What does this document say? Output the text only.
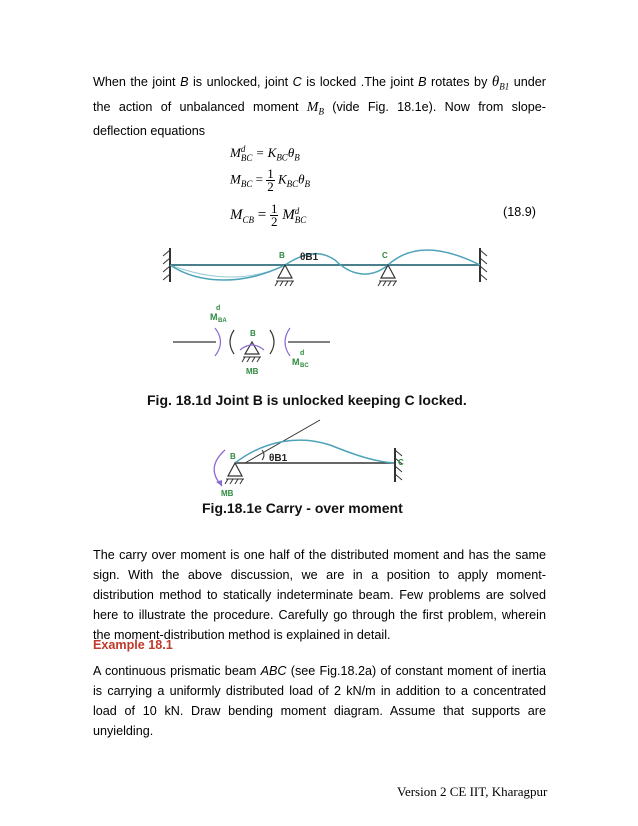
When the joint B is unlocked, joint C is locked .The joint B rotates by $\theta_{B1}$ under the action of unbalanced moment $M_B$ (vide Fig. 18.1e). Now from slope-deflection equations
M d
BC = $K_{BC}\theta_B$
$M_{BC} = \frac{1}{2} K_{BC}\theta_B$
$M_{CB} = \frac{1}{2}$ M d
BC
(18.9)
B θB1	C
d
M BA
B
d
M BC
MB
Fig. 18.1d Joint B is unlocked keeping C locked.
B	θB1	C
MB
Fig.18.1e Carry - over moment
The carry over moment is one half of the distributed moment and has the same sign. With the above discussion, we are in a position to apply moment-distribution method to statically indeterminate beam. Few problems are solved here to illustrate the procedure. Carefully go through the first problem, wherein the moment-distribution method is explained in detail.
Example 18.1
A continuous prismatic beam ABC (see Fig.18.2a) of constant moment of inertia is carrying a uniformly distributed load of 2 kN/m in addition to a concentrated load of 10 kN. Draw bending moment diagram. Assume that supports are unyielding.
Version 2 CE IIT, Kharagpur
